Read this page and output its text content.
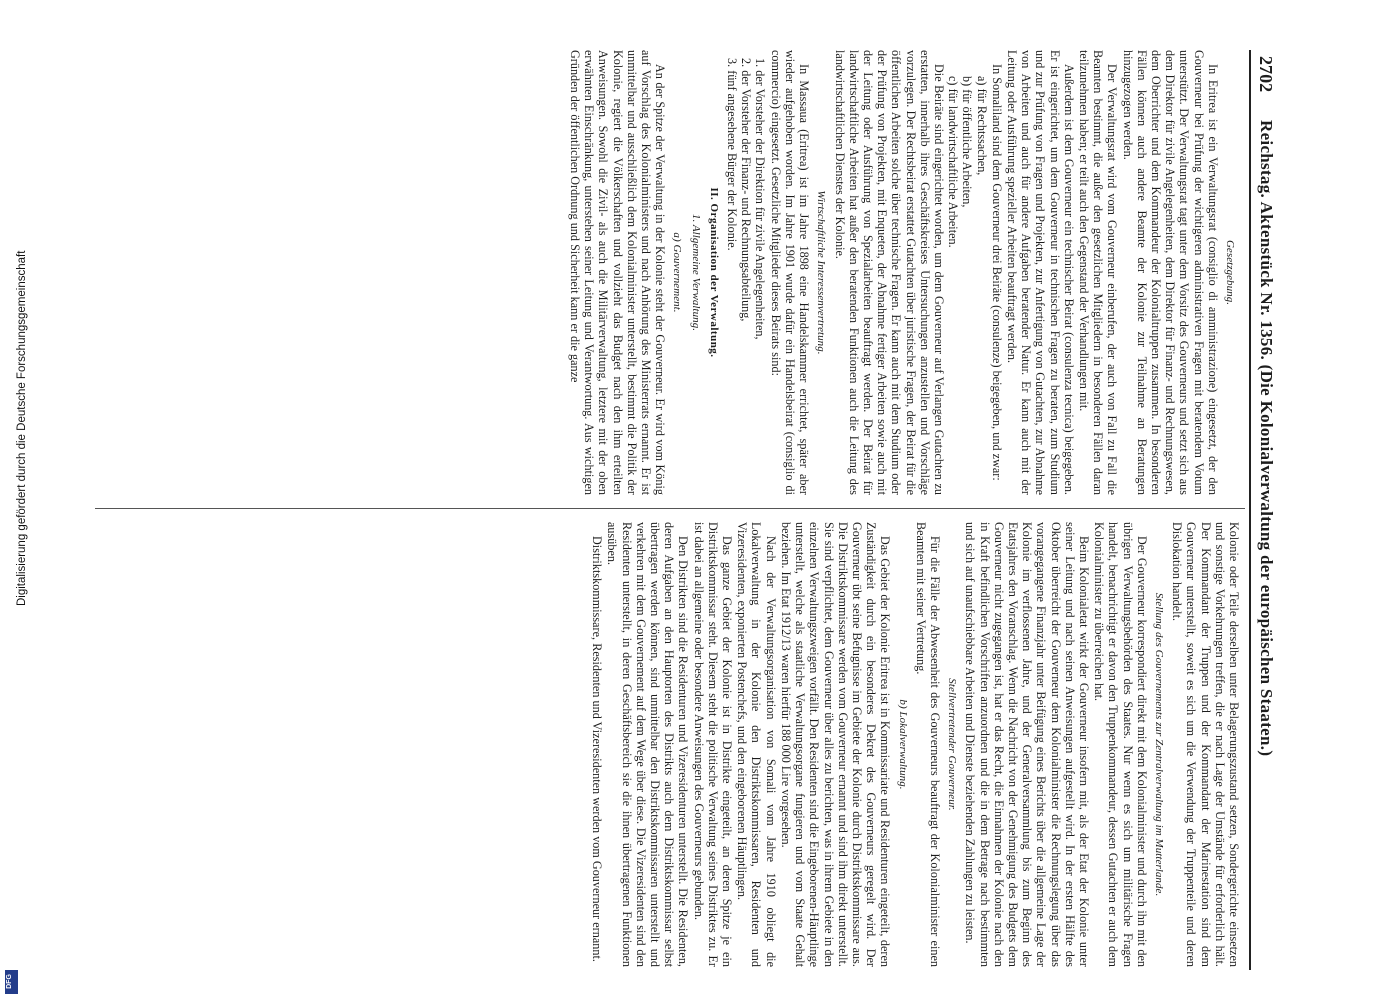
2702
Reichstag. Aktenstück Nr. 1356. (Die Kolonialverwaltung der europäischen Staaten.)
Gesetzgebung.

In Eritrea ist ein Verwaltungsrat (consiglio di amministrazione) eingesetzt, der den Gouverneur bei Prüfung der wichtigeren administrativen Fragen mit beratendem Votum unterstützt. Der Verwaltungsrat tagt unter dem Vorsitz des Gouverneurs und setzt sich aus dem Direktor für zivile Angelegenheiten, dem Direktor für Finanz- und Rechnungswesen, dem Oberrichter und dem Kommandeur der Kolonialtruppen zusammen. In besonderen Fällen können auch andere Beamte der Kolonie zur Teilnahme an Beratungen hinzugezogen werden.

Der Verwaltungsrat wird vom Gouverneur einberufen, der auch von Fall zu Fall die Beamten bestimmt, die außer den gesetzlichen Mitgliedern in besonderen Fällen daran teilzunehmen haben; er teilt auch den Gegenstand der Verhandlungen mit.

Außerdem ist dem Gouverneur ein technischer Beirat (consulenza tecnica) beigegeben. Er ist eingerichtet, um dem Gouverneur in technischen Fragen zu beraten, zum Studium und zur Prüfung von Fragen und Projekten, zur Anfertigung von Gutachten, zur Abnahme von Arbeiten und auch für andere Aufgaben beratender Natur. Er kann auch mit der Leitung oder Ausführung spezieller Arbeiten beauftragt werden.

In Somaliland sind dem Gouverneur drei Beiräte (consulenze) beigegeben, und zwar:

a) für Rechtssachen,
b) für öffentliche Arbeiten,
c) für landwirtschaftliche Arbeiten.

Die Beiräte sind eingerichtet worden, um dem Gouverneur auf Verlangen Gutachten zu erstatten, innerhalb ihres Geschäftskreises Untersuchungen anzustellen und Vorschläge vorzulegen. Der Rechtsbeirat erstattet Gutachten über juristische Fragen, der Beirat für die öffentlichen Arbeiten solche über technische Fragen. Er kann auch mit dem Studium oder der Prüfung von Projekten, mit Enqueten, der Abnahme fertiger Arbeiten sowie auch mit der Leitung oder Ausführung von Spezialarbeiten beauftragt werden. Der Beirat für landwirtschaftliche Arbeiten hat außer den beratenden Funktionen auch die Leitung des landwirtschaftlichen Dienstes der Kolonie.

Wirtschaftliche Interessenvertretung.

In Massaua (Eritrea) ist im Jahre 1898 eine Handelskammer errichtet, später aber wieder aufgehoben worden. Im Jahre 1901 wurde dafür ein Handelsbeirat (consiglio di commercio) eingesetzt. Gesetzliche Mitglieder dieses Beirats sind:

1. der Vorsteher der Direktion für zivile Angelegenheiten,
2. der Vorsteher der Finanz- und Rechnungsabteilung,
3. fünf angesehene Bürger der Kolonie.
II. Organisation der Verwaltung.
1. Allgemeine Verwaltung.
a) Gouvernement.

An der Spitze der Verwaltung in der Kolonie steht der Gouverneur. Er wird vom König auf Vorschlag des Kolonialministers und nach Anhörung des Ministerrats ernannt. Er ist unmittelbar und ausschließlich dem Kolonialminister unterstellt, bestimmt die Politik der Kolonie, regiert die Völkerschaften und vollzieht das Budget nach den ihm erteilten Anweisungen. Sowohl die Zivil- als auch die Militärverwaltung, letztere mit der oben erwähnten Einschränkung, unterstehen seiner Leitung und Verantwortung. Aus wichtigen Gründen der öffentlichen Ordnung und Sicherheit kann er die ganze

Kolonie oder Teile derselben unter Belagerungszustand setzen, Sondergerichte einsetzen und sonstige Vorkehrungen treffen, die er nach Lage der Umstände für erforderlich hält. Der Kommandant der Truppen und der Kommandant der Marinestation sind dem Gouverneur unterstellt, soweit es sich um die Verwendung der Truppenteile und deren Dislokation handelt.

Stellung des Gouvernements zur Zentralverwaltung im Mutterlande.

Der Gouverneur korrespondiert direkt mit dem Kolonialminister und durch ihn mit den übrigen Verwaltungsbehörden des Staates. Nur wenn es sich um militärische Fragen handelt, benachrichtigt er davon den Truppenkommandeur, dessen Gutachten er auch dem Kolonialminister zu überreichen hat.

Beim Kolonialetat wirkt der Gouverneur insofern mit, als der Etat der Kolonie unter seiner Leitung und nach seinen Anweisungen aufgestellt wird. In der ersten Hälfte des Oktober überreicht der Gouverneur dem Kolonialminister die Rechnungslegung über das vorangegangene Finanzjahr unter Beifügung eines Berichts über die allgemeine Lage der Kolonie im verflossenen Jahre, und der Generalversammlung bis zum Beginn des Etatsjahres den Voranschlag. Wenn die Nachricht von der Genehmigung des Budgets dem Gouverneur nicht zugegangen ist, hat er das Recht, die Einnahmen der Kolonie nach den in Kraft befindlichen Vorschriften anzuordnen und die in dem Betrage nach bestimmten und sich auf unaufschiebbare Arbeiten und Dienste beziehenden Zahlungen zu leisten.

Stellvertretender Gouverneur.

Für die Fälle der Abwesenheit des Gouverneurs beauftragt der Kolonialminister einen Beamten mit seiner Vertretung.

b) Lokalverwaltung.

Das Gebiet der Kolonie Eritrea ist in Kommissariate und Residenturen eingeteilt, deren Zuständigkeit durch ein besonderes Dekret des Gouverneurs geregelt wird. Der Gouverneur übt seine Befugnisse im Gebiete der Kolonie durch Distriktskommissare aus. Die Distriktskommissare werden vom Gouverneur ernannt und sind ihm direkt unterstellt. Sie sind verpflichtet, dem Gouverneur über alles zu berichten, was in ihrem Gebiete in den einzelnen Verwaltungszweigen vorfällt. Den Residenten sind die Eingeborenen-Häuptlinge unterstellt, welche als staatliche Verwaltungsorgane fungieren und vom Staate Gehalt beziehen. Im Etat 1912/13 waren hierfür 188 000 Lire vorgesehen.

Nach der Verwaltungsorganisation von Somali vom Jahre 1910 obliegt die Lokalverwaltung in der Kolonie den Distriktskommissaren, Residenten und Vizeresidenten, exponierten Postenchefs, und den eingeborenen Häuptlingen.

Das ganze Gebiet der Kolonie ist in Distrikte eingeteilt, an deren Spitze je ein Distriktskommissar steht. Diesem steht die politische Verwaltung seines Distriktes zu. Er ist dabei an allgemeine oder besondere Anweisungen des Gouverneurs gebunden.

Den Distrikten sind die Residenturen und Vizeresidenturen unterstellt. Die Residenten, deren Aufgaben an den Hauptorten des Distrikts auch dem Distriktskommissar selbst übertragen werden können, sind unmittelbar den Distriktskommissaren unterstellt und verkehren mit dem Gouvernement auf dem Wege über diese. Die Vizeresidenten sind den Residenten unterstellt, in deren Geschäftsbereich sie die ihnen übertragenen Funktionen ausüben.

Distriktskommissare, Residenten und Vizeresidenten werden vom Gouverneur ernannt.

Digitalisierung gefördert durch die Deutsche Forschungsgemeinschaft
DFG
